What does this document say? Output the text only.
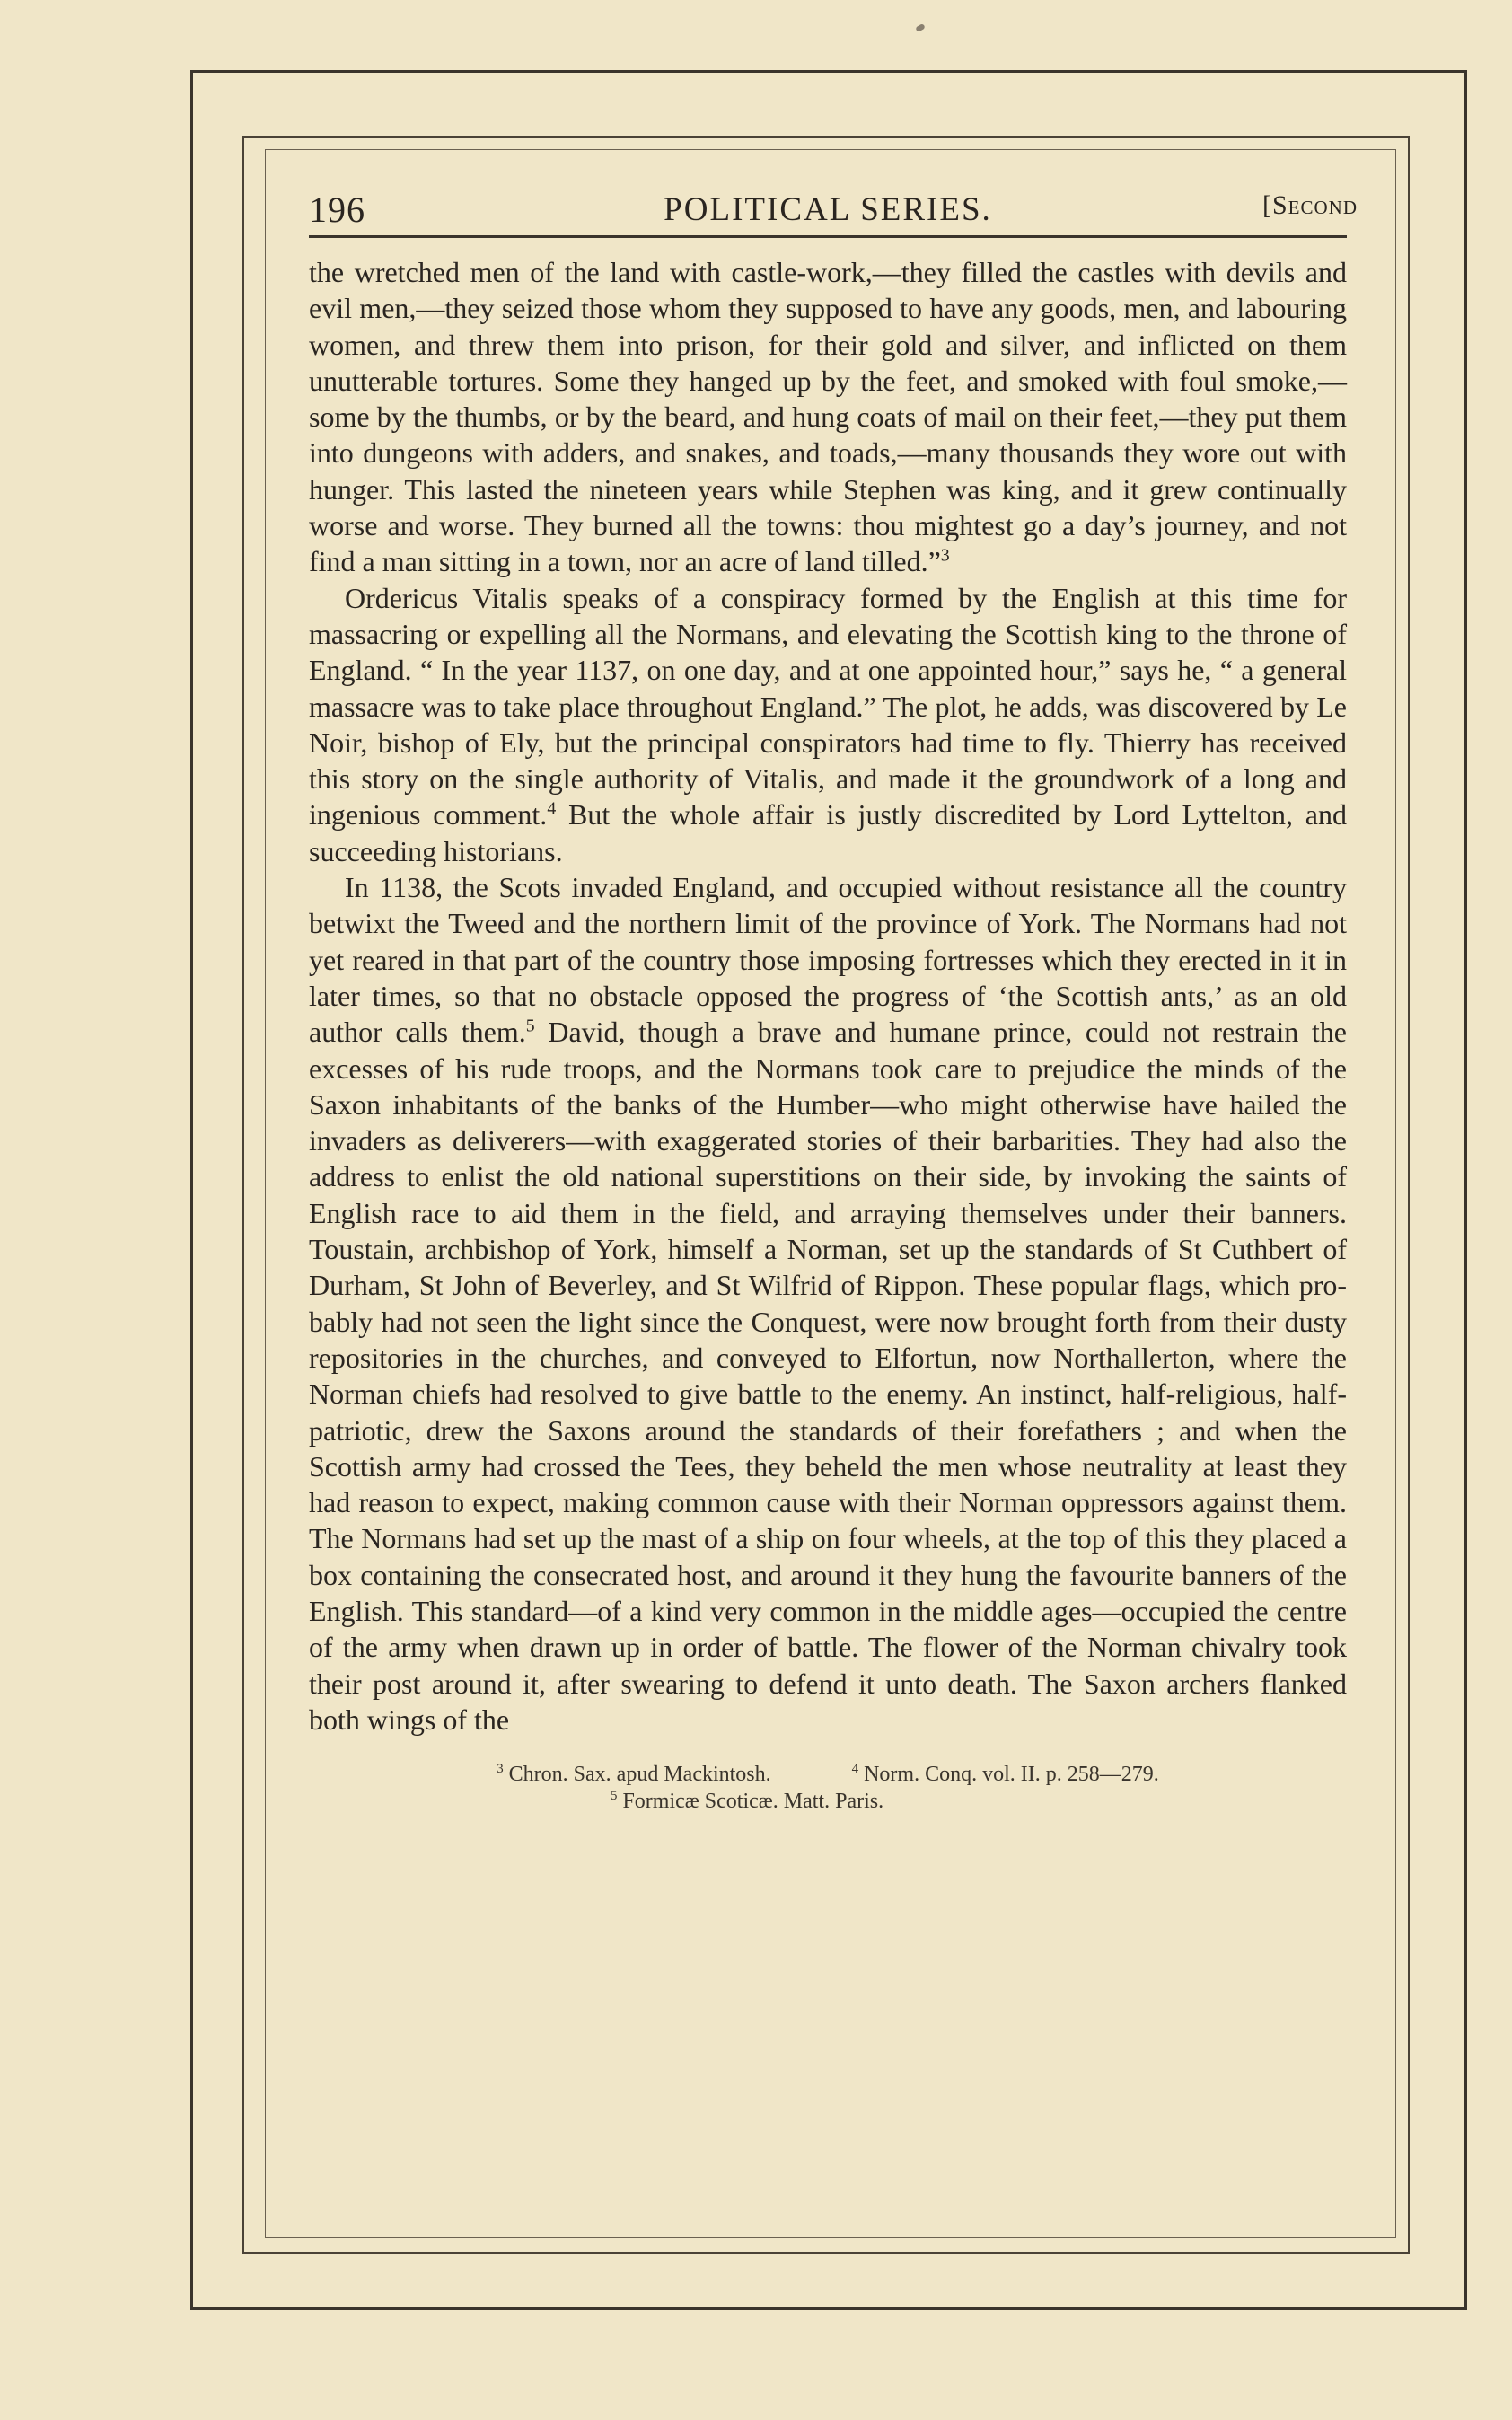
196	POLITICAL SERIES.	[Second

the wretched men of the land with castle-work,—they filled the castles with devils and evil men,—they seized those whom they supposed to have any goods, men, and labouring women, and threw them into prison, for their gold and silver, and inflicted on them unutterable tortures. Some they hanged up by the feet, and smoked with foul smoke,—some by the thumbs, or by the beard, and hung coats of mail on their feet,—they put them into dungeons with adders, and snakes, and toads,—many thousands they wore out with hunger. This lasted the nineteen years while Stephen was king, and it grew continually worse and worse. They burned all the towns: thou mightest go a day’s journey, and not find a man sitting in a town, nor an acre of land tilled.”$^3$

Ordericus Vitalis speaks of a conspiracy formed by the English at this time for massacring or expelling all the Normans, and elevating the Scottish king to the throne of England. “ In the year 1137, on one day, and at one appointed hour,” says he, “ a general massacre was to take place throughout England.” The plot, he adds, was discovered by Le Noir, bishop of Ely, but the principal conspirators had time to fly. Thierry has received this story on the single authority of Vitalis, and made it the groundwork of a long and ingenious comment.$^4$ But the whole affair is justly discredited by Lord Lyttelton, and succeeding historians.

In 1138, the Scots invaded England, and occupied without resistance all the country betwixt the Tweed and the northern limit of the province of York. The Normans had not yet reared in that part of the country those imposing fortresses which they erected in it in later times, so that no obstacle opposed the progress of ‘the Scottish ants,’ as an old author calls them.$^5$ David, though a brave and humane prince, could not restrain the excesses of his rude troops, and the Normans took care to prejudice the minds of the Saxon inhabitants of the banks of the Humber—who might otherwise have hailed the invaders as deliverers—with exaggerated stories of their barbarities. They had also the address to enlist the old national superstitions on their side, by invoking the saints of English race to aid them in the field, and arraying themselves under their banners. Toustain, archbishop of York, himself a Norman, set up the standards of St Cuthbert of Durham, St John of Beverley, and St Wilfrid of Rippon. These popular flags, which probably had not seen the light since the Conquest, were now brought forth from their dusty repositories in the churches, and conveyed to Elfortun, now Northallerton, where the Norman chiefs had resolved to give battle to the enemy. An instinct, half-religious, half-patriotic, drew the Saxons around the standards of their forefathers ; and when the Scottish army had crossed the Tees, they beheld the men whose neutrality at least they had reason to expect, making common cause with their Norman oppressors against them. The Normans had set up the mast of a ship on four wheels, at the top of this they placed a box containing the consecrated host, and around it they hung the favourite banners of the English. This standard—of a kind very common in the middle ages—occupied the centre of the army when drawn up in order of battle. The flower of the Norman chivalry took their post around it, after swearing to defend it unto death. The Saxon archers flanked both wings of the

$^3$ Chron. Sax. apud Mackintosh.	$^4$ Norm. Conq. vol. II. p. 258—279.
$^5$ Formicæ Scoticæ. Matt. Paris.
